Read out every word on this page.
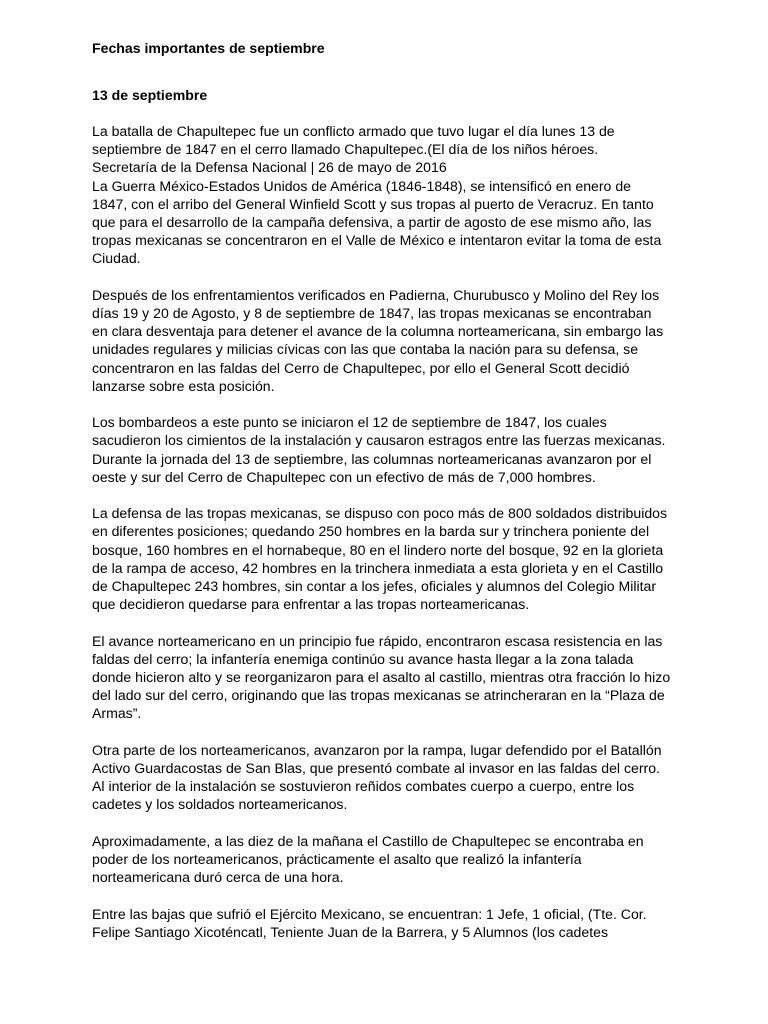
Fechas importantes de septiembre
13 de septiembre

La batalla de Chapultepec fue un conflicto armado que tuvo lugar el día lunes 13 de
septiembre de 1847 en el cerro llamado Chapultepec.(El día de los niños héroes.
Secretaría de la Defensa Nacional | 26 de mayo de 2016
La Guerra México-Estados Unidos de América (1846-1848), se intensificó en enero de
1847, con el arribo del General Winfield Scott y sus tropas al puerto de Veracruz. En tanto
que para el desarrollo de la campaña defensiva, a partir de agosto de ese mismo año, las
tropas mexicanas se concentraron en el Valle de México e intentaron evitar la toma de esta
Ciudad.

Después de los enfrentamientos verificados en Padierna, Churubusco y Molino del Rey los
días 19 y 20 de Agosto, y 8 de septiembre de 1847, las tropas mexicanas se encontraban
en clara desventaja para detener el avance de la columna norteamericana, sin embargo las
unidades regulares y milicias cívicas con las que contaba la nación para su defensa, se
concentraron en las faldas del Cerro de Chapultepec, por ello el General Scott decidió
lanzarse sobre esta posición.

Los bombardeos a este punto se iniciaron el 12 de septiembre de 1847, los cuales
sacudieron los cimientos de la instalación y causaron estragos entre las fuerzas mexicanas.
Durante la jornada del 13 de septiembre, las columnas norteamericanas avanzaron por el
oeste y sur del Cerro de Chapultepec con un efectivo de más de 7,000 hombres.

La defensa de las tropas mexicanas, se dispuso con poco más de 800 soldados distribuidos
en diferentes posiciones; quedando 250 hombres en la barda sur y trinchera poniente del
bosque, 160 hombres en el hornabeque, 80 en el lindero norte del bosque, 92 en la glorieta
de la rampa de acceso, 42 hombres en la trinchera inmediata a esta glorieta y en el Castillo
de Chapultepec 243 hombres, sin contar a los jefes, oficiales y alumnos del Colegio Militar
que decidieron quedarse para enfrentar a las tropas norteamericanas.

El avance norteamericano en un principio fue rápido, encontraron escasa resistencia en las
faldas del cerro; la infantería enemiga continúo su avance hasta llegar a la zona talada
donde hicieron alto y se reorganizaron para el asalto al castillo, mientras otra fracción lo hizo
del lado sur del cerro, originando que las tropas mexicanas se atrincheraran en la “Plaza de
Armas”.

Otra parte de los norteamericanos, avanzaron por la rampa, lugar defendido por el Batallón
Activo Guardacostas de San Blas, que presentó combate al invasor en las faldas del cerro.
Al interior de la instalación se sostuvieron reñidos combates cuerpo a cuerpo, entre los
cadetes y los soldados norteamericanos.

Aproximadamente, a las diez de la mañana el Castillo de Chapultepec se encontraba en
poder de los norteamericanos, prácticamente el asalto que realizó la infantería
norteamericana duró cerca de una hora.

Entre las bajas que sufrió el Ejército Mexicano, se encuentran: 1 Jefe, 1 oficial, (Tte. Cor.
Felipe Santiago Xicoténcatl, Teniente Juan de la Barrera, y 5 Alumnos (los cadetes
